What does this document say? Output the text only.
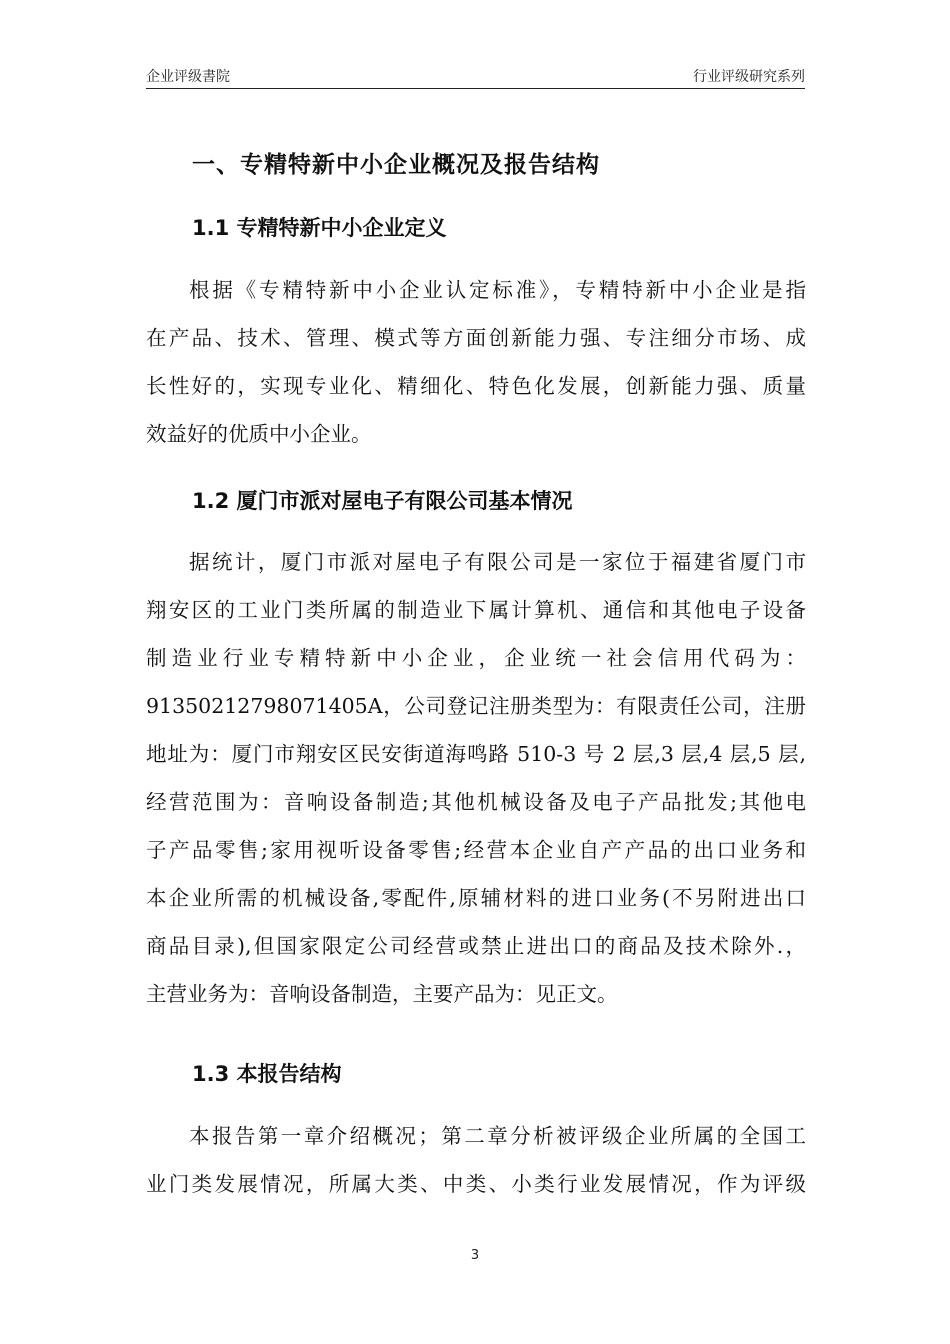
企业评级書院	行业评级研究系列
一、专精特新中小企业概况及报告结构
1.1 专精特新中小企业定义
根据《专精特新中小企业认定标准》，专精特新中小企业是指
在产品、技术、管理、模式等方面创新能力强、专注细分市场、成
长性好的，实现专业化、精细化、特色化发展，创新能力强、质量
效益好的优质中小企业。
1.2 厦门市派对屋电子有限公司基本情况
据统计，厦门市派对屋电子有限公司是一家位于福建省厦门市
翔安区的工业门类所属的制造业下属计算机、通信和其他电子设备
制造业行业专精特新中小企业，企业统一社会信用代码为：
91350212798071405A，公司登记注册类型为：有限责任公司，注册
地址为：厦门市翔安区民安街道海鸣路 510-3 号 2 层,3 层,4 层,5 层,
经营范围为：音响设备制造;其他机械设备及电子产品批发;其他电
子产品零售;家用视听设备零售;经营本企业自产产品的出口业务和
本企业所需的机械设备,零配件,原辅材料的进口业务(不另附进出口
商品目录),但国家限定公司经营或禁止进出口的商品及技术除外.，
主营业务为：音响设备制造，主要产品为：见正文。
1.3 本报告结构
本报告第一章介绍概况；第二章分析被评级企业所属的全国工
业门类发展情况，所属大类、中类、小类行业发展情况，作为评级
3
